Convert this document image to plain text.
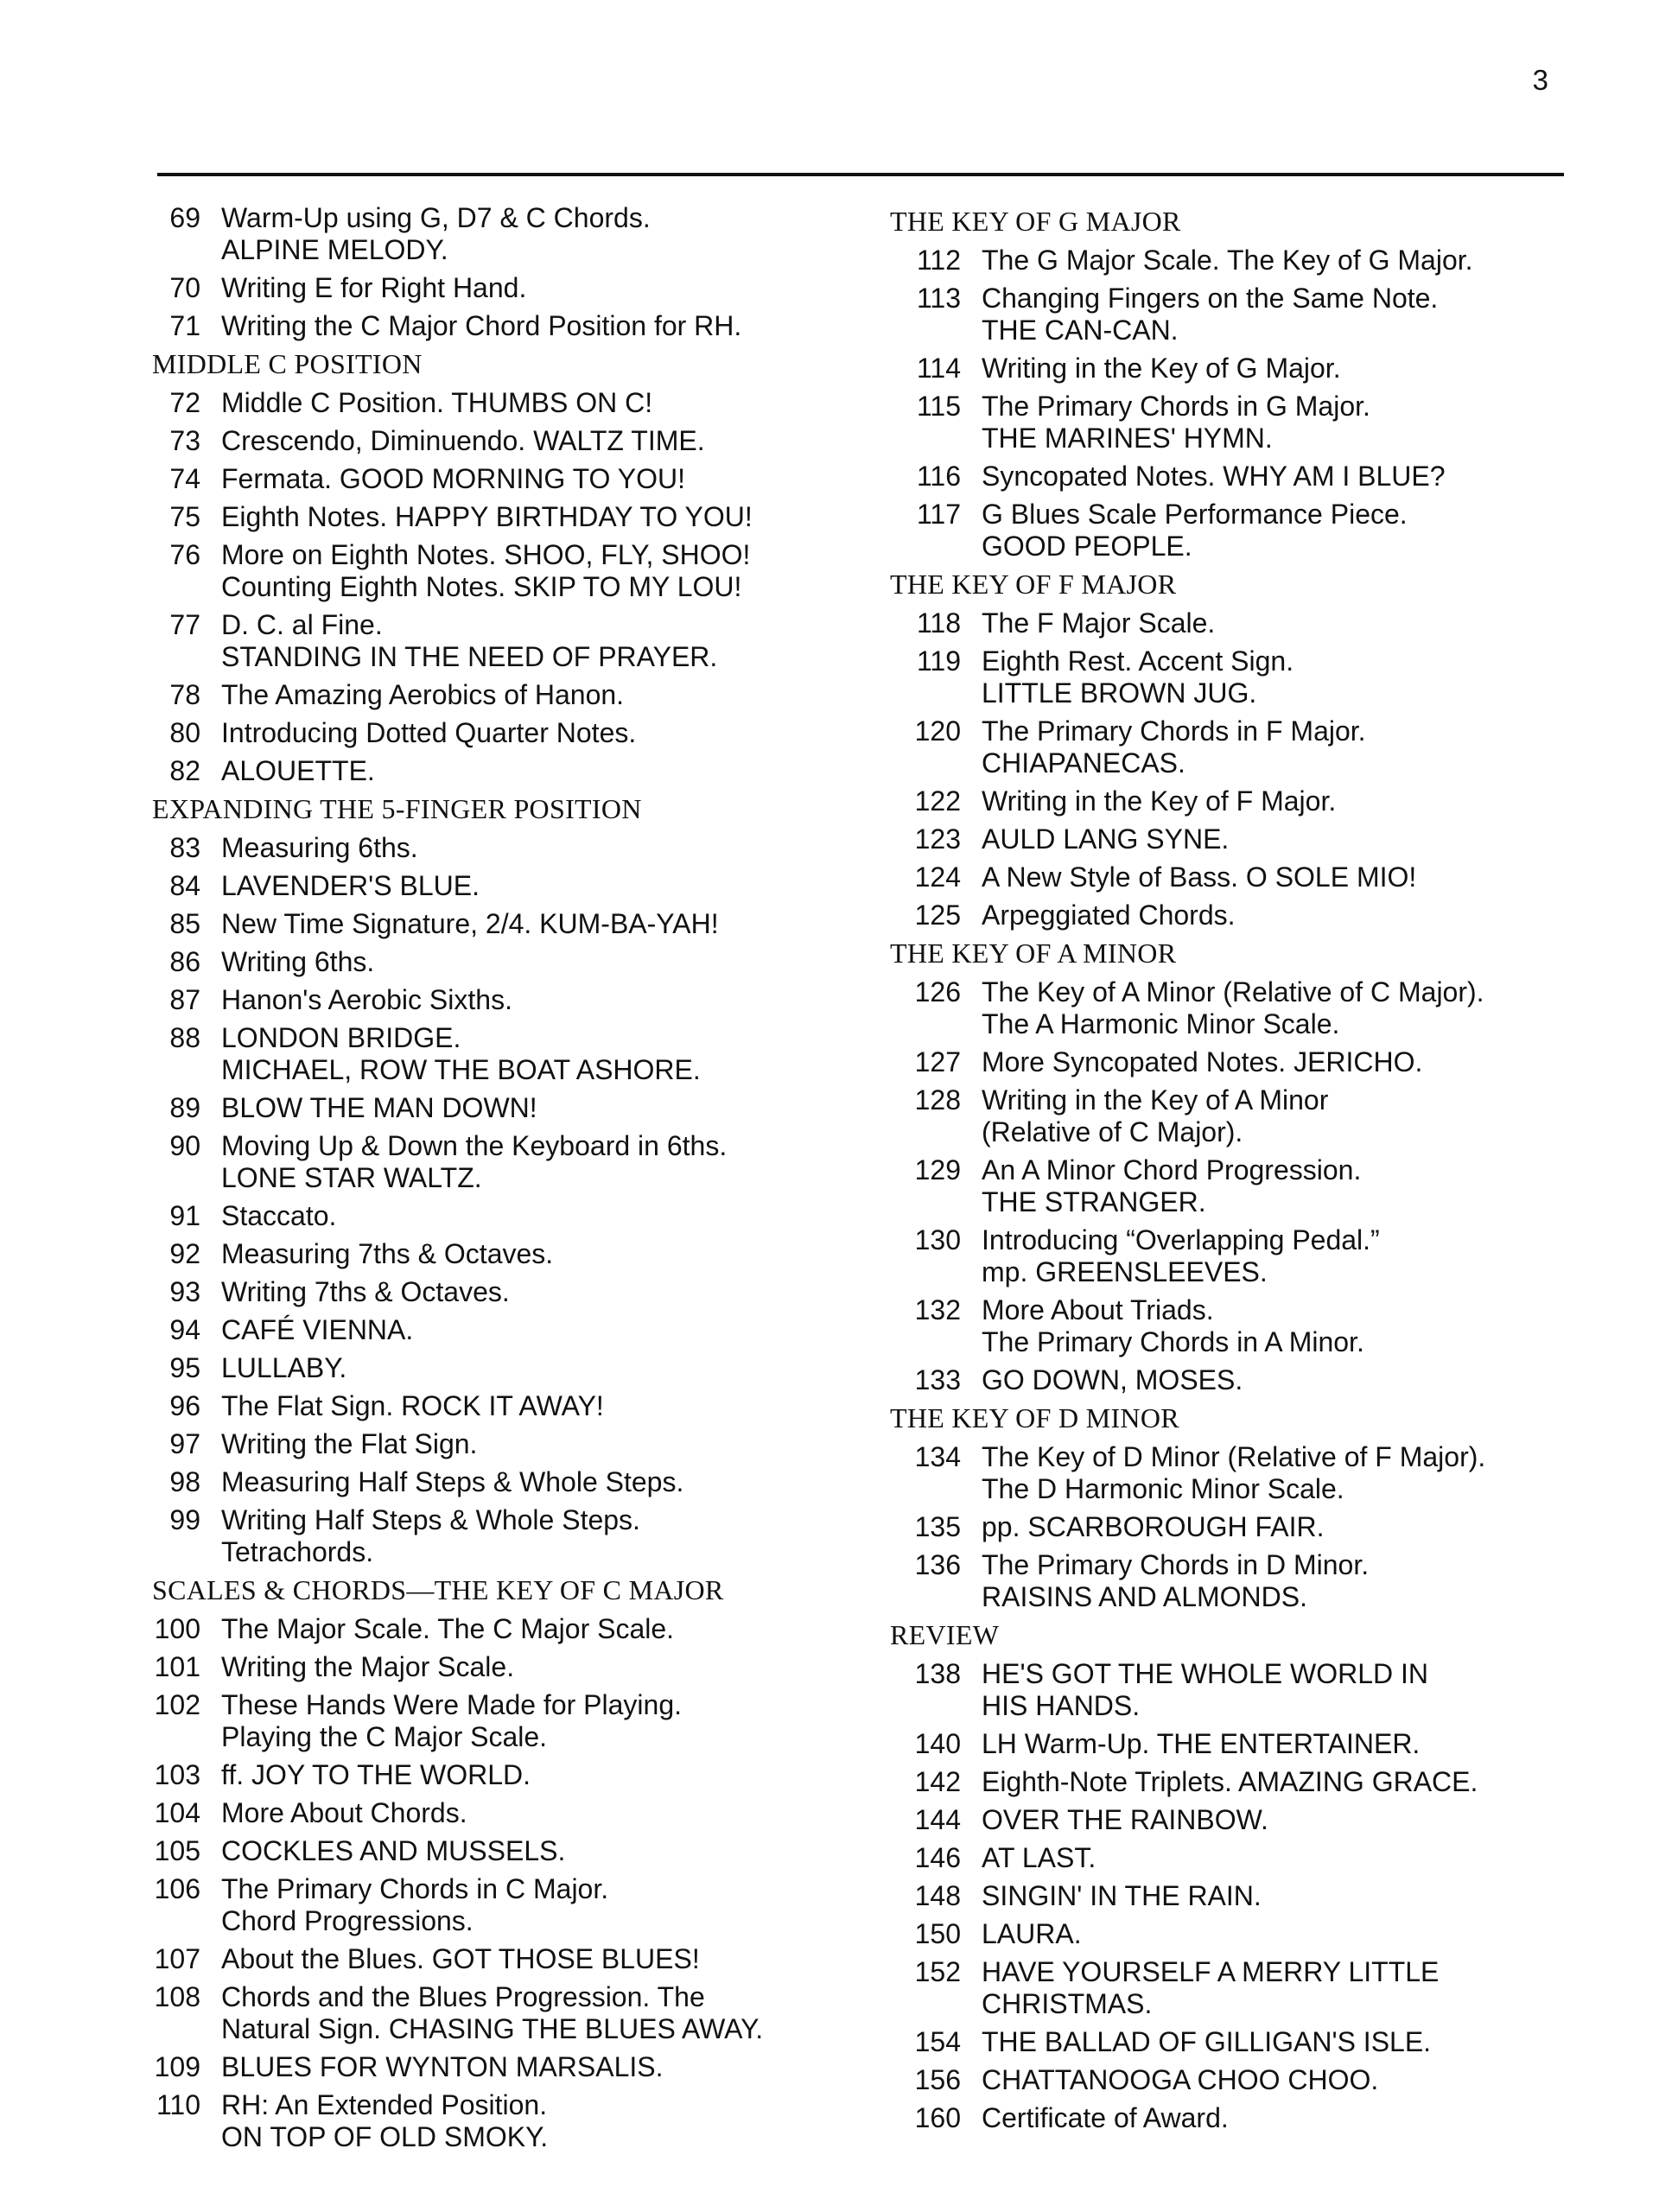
3
69 Warm-Up using G, D7 & C Chords.
ALPINE MELODY.
70 Writing E for Right Hand.
71 Writing the C Major Chord Position for RH.
MIDDLE C POSITION
72 Middle C Position. THUMBS ON C!
73 Crescendo, Diminuendo. WALTZ TIME.
74 Fermata. GOOD MORNING TO YOU!
75 Eighth Notes. HAPPY BIRTHDAY TO YOU!
76 More on Eighth Notes. SHOO, FLY, SHOO!
Counting Eighth Notes. SKIP TO MY LOU!
77 D. C. al Fine.
STANDING IN THE NEED OF PRAYER.
78 The Amazing Aerobics of Hanon.
80 Introducing Dotted Quarter Notes.
82 ALOUETTE.
EXPANDING THE 5-FINGER POSITION
83 Measuring 6ths.
84 LAVENDER'S BLUE.
85 New Time Signature, 2/4. KUM-BA-YAH!
86 Writing 6ths.
87 Hanon's Aerobic Sixths.
88 LONDON BRIDGE.
MICHAEL, ROW THE BOAT ASHORE.
89 BLOW THE MAN DOWN!
90 Moving Up & Down the Keyboard in 6ths.
LONE STAR WALTZ.
91 Staccato.
92 Measuring 7ths & Octaves.
93 Writing 7ths & Octaves.
94 CAFÉ VIENNA.
95 LULLABY.
96 The Flat Sign. ROCK IT AWAY!
97 Writing the Flat Sign.
98 Measuring Half Steps & Whole Steps.
99 Writing Half Steps & Whole Steps.
Tetrachords.
SCALES & CHORDS—THE KEY OF C MAJOR
100 The Major Scale. The C Major Scale.
101 Writing the Major Scale.
102 These Hands Were Made for Playing.
Playing the C Major Scale.
103 ff. JOY TO THE WORLD.
104 More About Chords.
105 COCKLES AND MUSSELS.
106 The Primary Chords in C Major.
Chord Progressions.
107 About the Blues. GOT THOSE BLUES!
108 Chords and the Blues Progression. The
Natural Sign. CHASING THE BLUES AWAY.
109 BLUES FOR WYNTON MARSALIS.
110 RH: An Extended Position.
ON TOP OF OLD SMOKY.
THE KEY OF G MAJOR
112 The G Major Scale. The Key of G Major.
113 Changing Fingers on the Same Note.
THE CAN-CAN.
114 Writing in the Key of G Major.
115 The Primary Chords in G Major.
THE MARINES' HYMN.
116 Syncopated Notes. WHY AM I BLUE?
117 G Blues Scale Performance Piece.
GOOD PEOPLE.
THE KEY OF F MAJOR
118 The F Major Scale.
119 Eighth Rest. Accent Sign.
LITTLE BROWN JUG.
120 The Primary Chords in F Major.
CHIAPANECAS.
122 Writing in the Key of F Major.
123 AULD LANG SYNE.
124 A New Style of Bass. O SOLE MIO!
125 Arpeggiated Chords.
THE KEY OF A MINOR
126 The Key of A Minor (Relative of C Major).
The A Harmonic Minor Scale.
127 More Syncopated Notes. JERICHO.
128 Writing in the Key of A Minor
(Relative of C Major).
129 An A Minor Chord Progression.
THE STRANGER.
130 Introducing “Overlapping Pedal.”
mp. GREENSLEEVES.
132 More About Triads.
The Primary Chords in A Minor.
133 GO DOWN, MOSES.
THE KEY OF D MINOR
134 The Key of D Minor (Relative of F Major).
The D Harmonic Minor Scale.
135 pp. SCARBOROUGH FAIR.
136 The Primary Chords in D Minor.
RAISINS AND ALMONDS.
REVIEW
138 HE'S GOT THE WHOLE WORLD IN
HIS HANDS.
140 LH Warm-Up. THE ENTERTAINER.
142 Eighth-Note Triplets. AMAZING GRACE.
144 OVER THE RAINBOW.
146 AT LAST.
148 SINGIN' IN THE RAIN.
150 LAURA.
152 HAVE YOURSELF A MERRY LITTLE
CHRISTMAS.
154 THE BALLAD OF GILLIGAN'S ISLE.
156 CHATTANOOGA CHOO CHOO.
160 Certificate of Award.
